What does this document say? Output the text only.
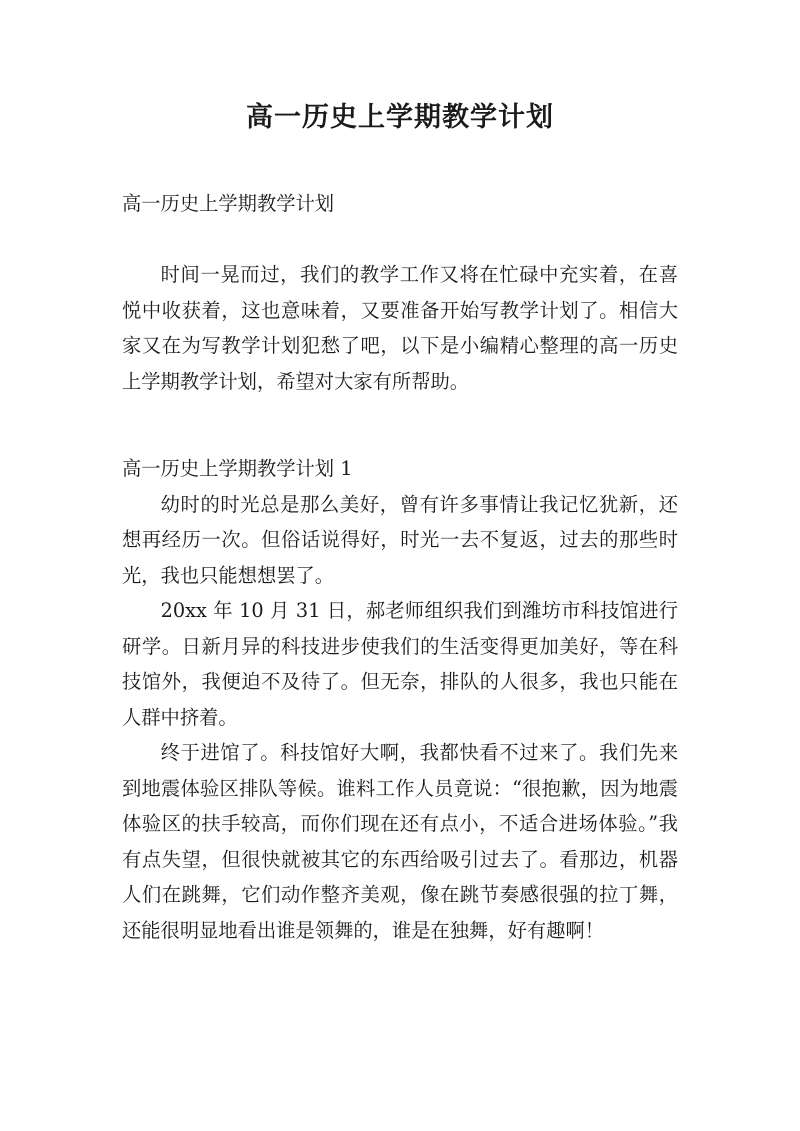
高一历史上学期教学计划

高一历史上学期教学计划

时间一晃而过，我们的教学工作又将在忙碌中充实着，在喜悦中收获着，这也意味着，又要准备开始写教学计划了。相信大家又在为写教学计划犯愁了吧，以下是小编精心整理的高一历史上学期教学计划，希望对大家有所帮助。

高一历史上学期教学计划 1

幼时的时光总是那么美好，曾有许多事情让我记忆犹新，还想再经历一次。但俗话说得好，时光一去不复返，过去的那些时光，我也只能想想罢了。

20xx 年 10 月 31 日，郝老师组织我们到潍坊市科技馆进行研学。日新月异的科技进步使我们的生活变得更加美好，等在科技馆外，我便迫不及待了。但无奈，排队的人很多，我也只能在人群中挤着。

终于进馆了。科技馆好大啊，我都快看不过来了。我们先来到地震体验区排队等候。谁料工作人员竟说：“很抱歉，因为地震体验区的扶手较高，而你们现在还有点小，不适合进场体验。”我有点失望，但很快就被其它的东西给吸引过去了。看那边，机器人们在跳舞，它们动作整齐美观，像在跳节奏感很强的拉丁舞，还能很明显地看出谁是领舞的，谁是在独舞，好有趣啊！
